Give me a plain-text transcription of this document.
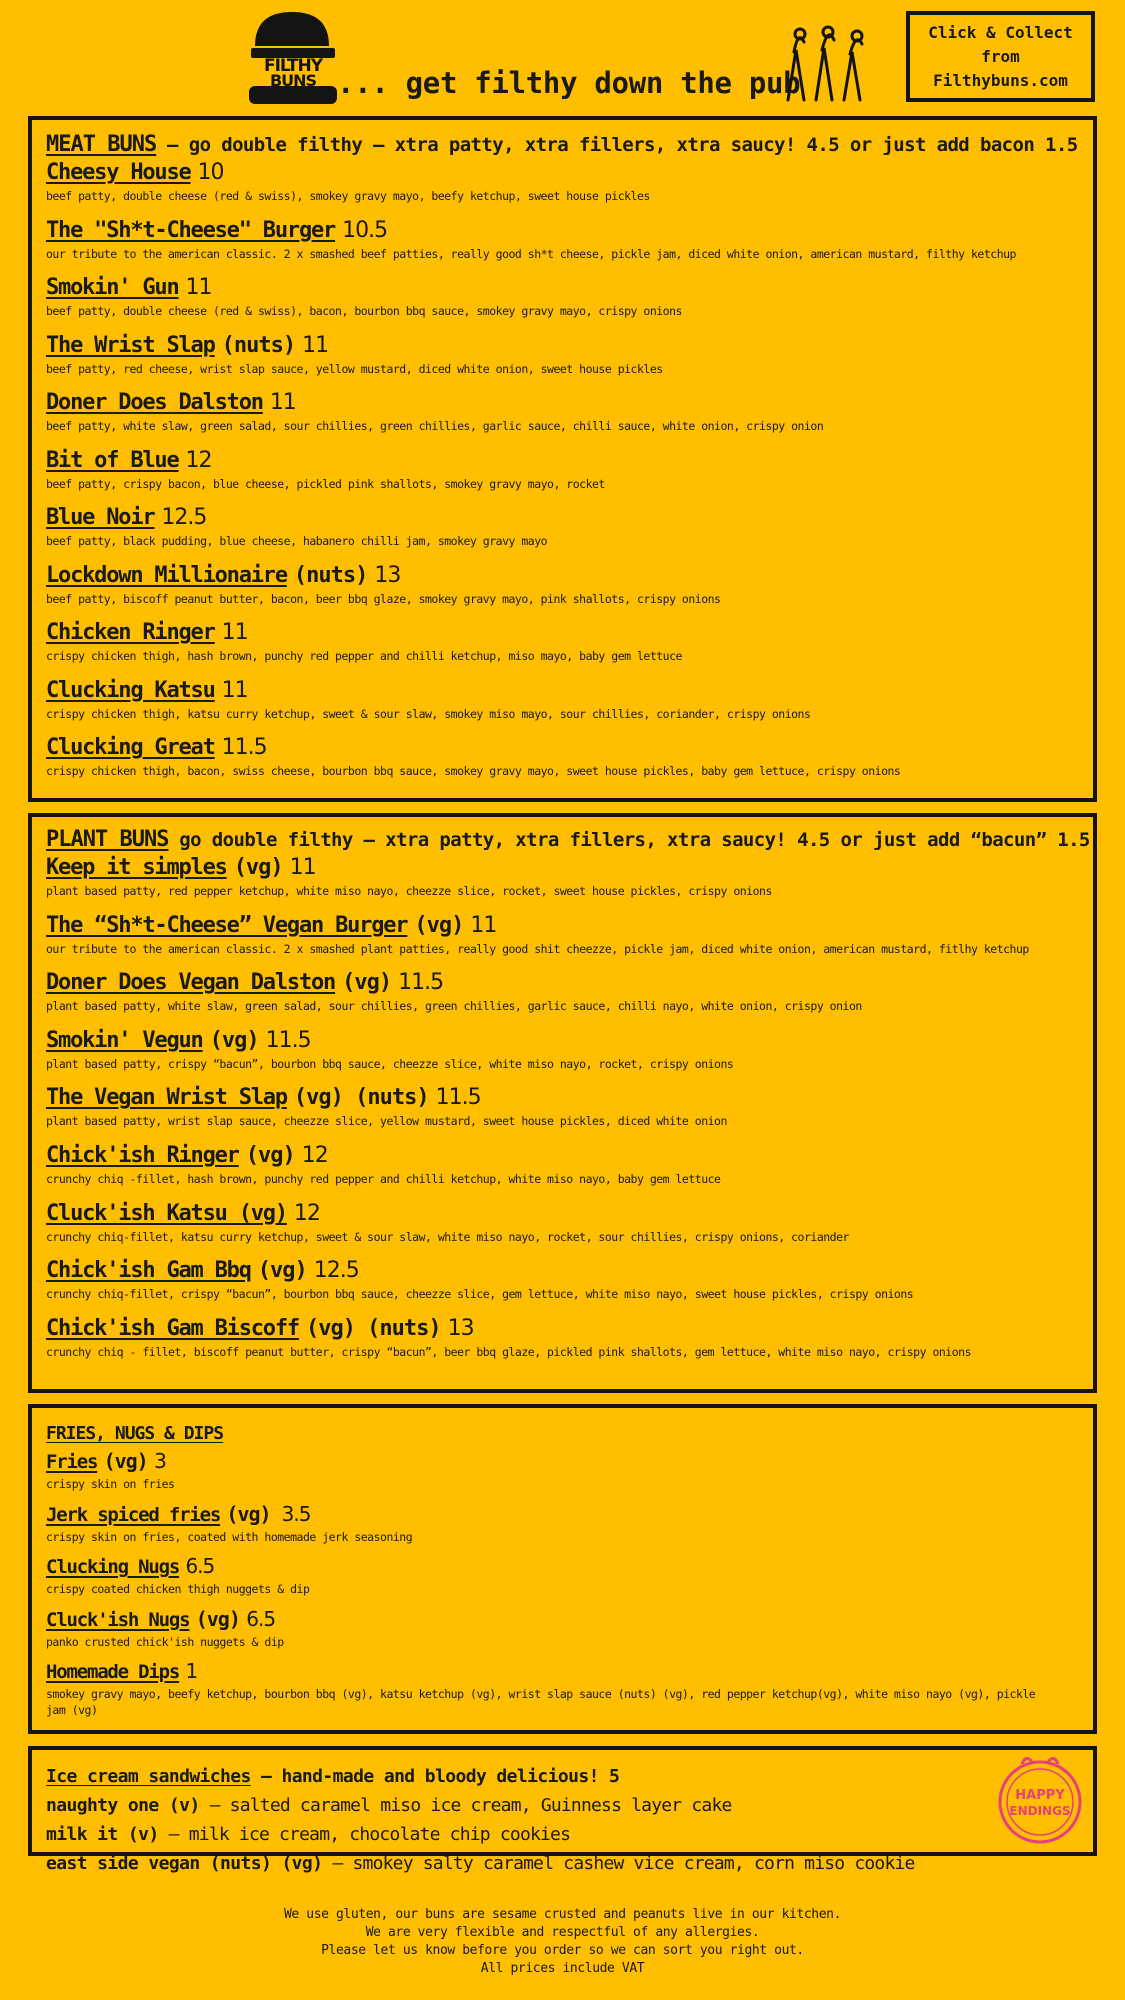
FILTHY
BUNS ... get filthy down the pub
Click & Collect
from
Filthybuns.com
MEAT BUNS – go double filthy – xtra patty, xtra fillers, xtra saucy! 4.5 or just add bacon 1.5
Cheesy House 10
beef patty, double cheese (red & swiss), smokey gravy mayo, beefy ketchup, sweet house pickles
The "Sh*t-Cheese" Burger 10.5
our tribute to the american classic. 2 x smashed beef patties, really good sh*t cheese, pickle jam, diced white onion, american mustard, filthy ketchup
Smokin' Gun 11
beef patty, double cheese (red & swiss), bacon, bourbon bbq sauce, smokey gravy mayo, crispy onions
The Wrist Slap (nuts) 11
beef patty, red cheese, wrist slap sauce, yellow mustard, diced white onion, sweet house pickles
Doner Does Dalston 11
beef patty, white slaw, green salad, sour chillies, green chillies, garlic sauce, chilli sauce, white onion, crispy onion
Bit of Blue 12
beef patty, crispy bacon, blue cheese, pickled pink shallots, smokey gravy mayo, rocket
Blue Noir 12.5
beef patty, black pudding, blue cheese, habanero chilli jam, smokey gravy mayo
Lockdown Millionaire (nuts) 13
beef patty, biscoff peanut butter, bacon, beer bbq glaze, smokey gravy mayo, pink shallots, crispy onions
Chicken Ringer 11
crispy chicken thigh, hash brown, punchy red pepper and chilli ketchup, miso mayo, baby gem lettuce
Clucking Katsu 11
crispy chicken thigh, katsu curry ketchup, sweet & sour slaw, smokey miso mayo, sour chillies, coriander, crispy onions
Clucking Great 11.5
crispy chicken thigh, bacon, swiss cheese, bourbon bbq sauce, smokey gravy mayo, sweet house pickles, baby gem lettuce, crispy onions
PLANT BUNS go double filthy – xtra patty, xtra fillers, xtra saucy! 4.5 or just add “bacun” 1.5
Keep it simples (vg) 11
plant based patty, red pepper ketchup, white miso nayo, cheezze slice, rocket, sweet house pickles, crispy onions
The “Sh*t-Cheese” Vegan Burger (vg) 11
our tribute to the american classic. 2 x smashed plant patties, really good shit cheezze, pickle jam, diced white onion, american mustard, fitlhy ketchup
Doner Does Vegan Dalston (vg) 11.5
plant based patty, white slaw, green salad, sour chillies, green chillies, garlic sauce, chilli nayo, white onion, crispy onion
Smokin' Vegun (vg) 11.5
plant based patty, crispy “bacun”, bourbon bbq sauce, cheezze slice, white miso nayo, rocket, crispy onions
The Vegan Wrist Slap (vg) (nuts) 11.5
plant based patty, wrist slap sauce, cheezze slice, yellow mustard, sweet house pickles, diced white onion
Chick'ish Ringer (vg) 12
crunchy chiq -fillet, hash brown, punchy red pepper and chilli ketchup, white miso nayo, baby gem lettuce
Cluck'ish Katsu (vg) 12
crunchy chiq-fillet, katsu curry ketchup, sweet & sour slaw, white miso nayo, rocket, sour chillies, crispy onions, coriander
Chick'ish Gam Bbq (vg) 12.5
crunchy chiq-fillet, crispy “bacun”, bourbon bbq sauce, cheezze slice, gem lettuce, white miso nayo, sweet house pickles, crispy onions
Chick'ish Gam Biscoff (vg) (nuts) 13
crunchy chiq - fillet, biscoff peanut butter, crispy “bacun”, beer bbq glaze, pickled pink shallots, gem lettuce, white miso nayo, crispy onions
FRIES, NUGS & DIPS
Fries (vg) 3
crispy skin on fries
Jerk spiced fries (vg) 3.5
crispy skin on fries, coated with homemade jerk seasoning
Clucking Nugs 6.5
crispy coated chicken thigh nuggets & dip
Cluck'ish Nugs (vg) 6.5
panko crusted chick'ish nuggets & dip
Homemade Dips 1
smokey gravy mayo, beefy ketchup, bourbon bbq (vg), katsu ketchup (vg), wrist slap sauce (nuts) (vg), red pepper ketchup(vg), white miso nayo (vg), pickle jam (vg)
Ice cream sandwiches – hand-made and bloody delicious! 5
naughty one (v) – salted caramel miso ice cream, Guinness layer cake
milk it (v) – milk ice cream, chocolate chip cookies
east side vegan (nuts) (vg) – smokey salty caramel cashew vice cream, corn miso cookie
HAPPY
ENDINGS
We use gluten, our buns are sesame crusted and peanuts live in our kitchen.
We are very flexible and respectful of any allergies.
Please let us know before you order so we can sort you right out.
All prices include VAT
